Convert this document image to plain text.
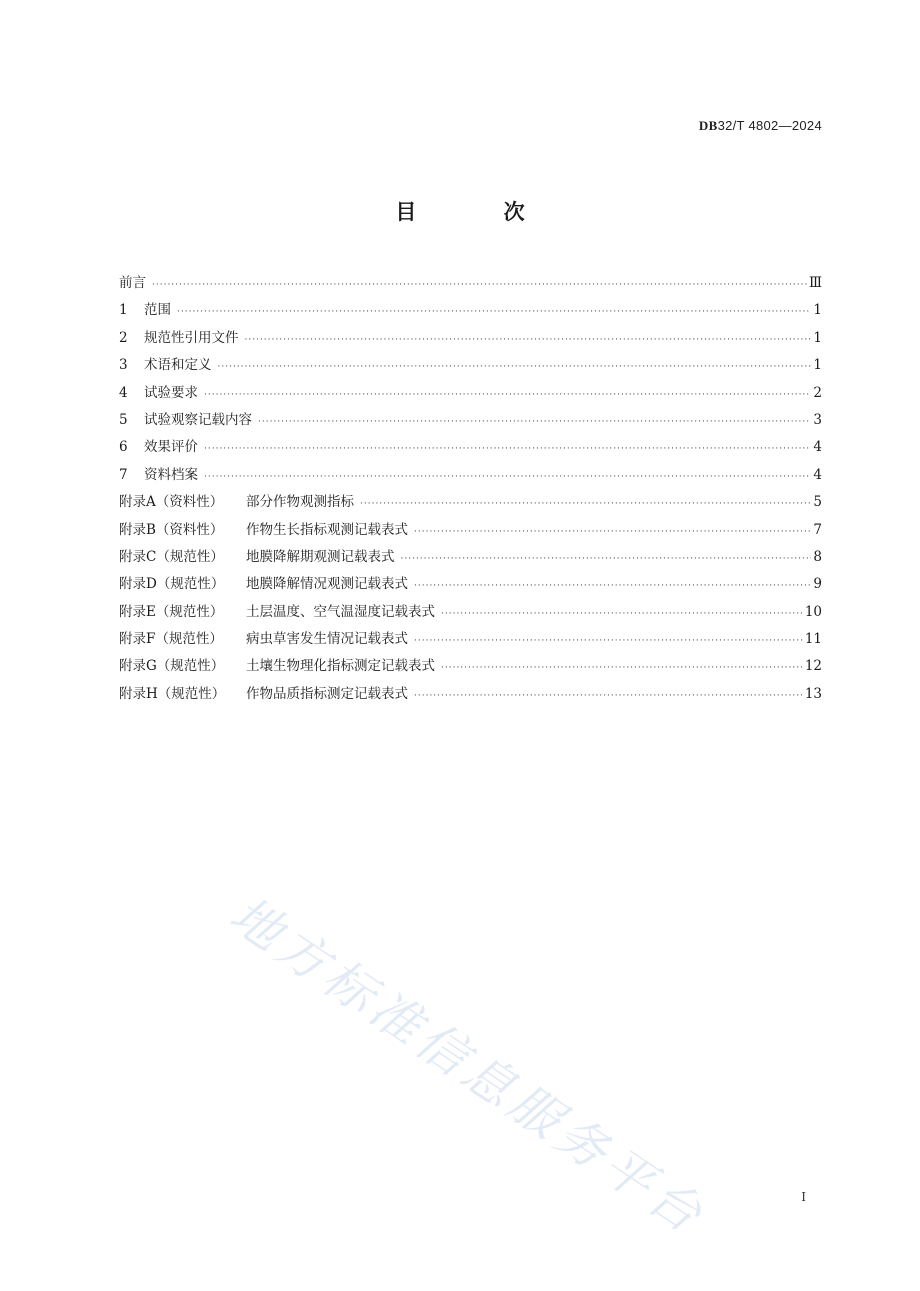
DB32/T 4802—2024
目 次
前言 ·····	Ⅲ
1 范围 ·····	1
2 规范性引用文件 ·····	1
3 术语和定义 ·····	1
4 试验要求 ·····	2
5 试验观察记载内容 ·····	3
6 效果评价 ·····	4
7 资料档案 ·····	4
附录A（资料性） 部分作物观测指标 ·····	5
附录B（资料性） 作物生长指标观测记载表式 ·····	7
附录C（规范性） 地膜降解期观测记载表式 ·····	8
附录D（规范性） 地膜降解情况观测记载表式 ·····	9
附录E（规范性） 土层温度、空气温湿度记载表式 ·····	10
附录F（规范性） 病虫草害发生情况记载表式 ·····	11
附录G（规范性） 土壤生物理化指标测定记载表式 ·····	12
附录H（规范性） 作物品质指标测定记载表式 ·····	13
地方标准信息服务平台	I
